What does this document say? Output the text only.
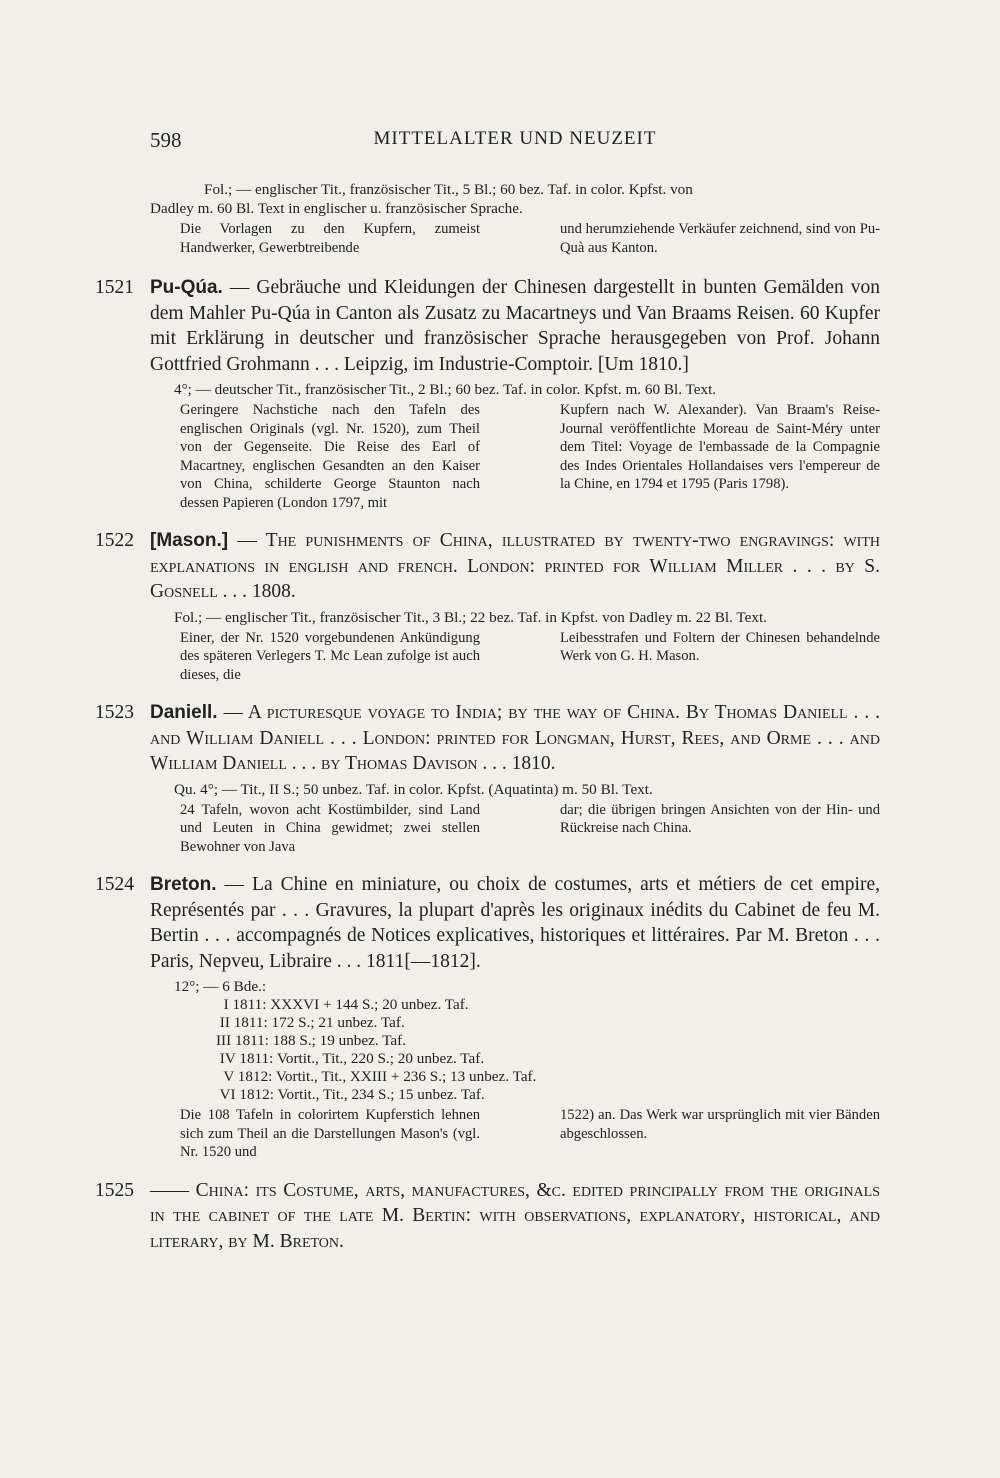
598	MITTELALTER UND NEUZEIT
Fol.; — englischer Tit., französischer Tit., 5 Bl.; 60 bez. Taf. in color. Kpfst. von
Dadley m. 60 Bl. Text in englischer u. französischer Sprache.
Die Vorlagen zu den Kupfern, zumeist Handwerker, Gewerbtreibende
und herumziehende Verkäufer zeichnend, sind von Pu-Quà aus Kanton.
1521 Pu-Qúa. — Gebräuche und Kleidungen der Chinesen dargestellt in bunten Gemälden von dem Mahler Pu-Qúa in Canton als Zusatz zu Macartneys und Van Braams Reisen. 60 Kupfer mit Erklärung in deutscher und französischer Sprache herausgegeben von Prof. Johann Gottfried Grohmann . . . Leipzig, im Industrie-Comptoir. [Um 1810.]
4°; — deutscher Tit., französischer Tit., 2 Bl.; 60 bez. Taf. in color. Kpfst. m. 60 Bl. Text.
Geringere Nachstiche nach den Tafeln des englischen Originals (vgl. Nr. 1520), zum Theil von der Gegenseite. Die Reise des Earl of Macartney, englischen Gesandten an den Kaiser von China, schilderte George Staunton nach dessen Papieren (London 1797, mit
Kupfern nach W. Alexander). Van Braam's Reise-Journal veröffentlichte Moreau de Saint-Méry unter dem Titel: Voyage de l'embassade de la Compagnie des Indes Orientales Hollandaises vers l'empereur de la Chine, en 1794 et 1795 (Paris 1798).
1522 [Mason.] — The punishments of China, illustrated by twenty-two engravings: with explanations in english and french. London: printed for William Miller . . . by S. Gosnell . . . 1808.
Fol.; — englischer Tit., französischer Tit., 3 Bl.; 22 bez. Taf. in Kpfst. von Dadley m. 22 Bl. Text.
Einer, der Nr. 1520 vorgebundenen Ankündigung des späteren Verlegers T. Mc Lean zufolge ist auch dieses, die
Leibesstrafen und Foltern der Chinesen behandelnde Werk von G. H. Mason.
1523 Daniell. — A picturesque voyage to India; by the way of China. By Thomas Daniell . . . and William Daniell . . . London: printed for Longman, Hurst, Rees, and Orme . . . and William Daniell . . . by Thomas Davison . . . 1810.
Qu. 4°; — Tit., II S.; 50 unbez. Taf. in color. Kpfst. (Aquatinta) m. 50 Bl. Text.
24 Tafeln, wovon acht Kostümbilder, sind Land und Leuten in China gewidmet; zwei stellen Bewohner von Java
dar; die übrigen bringen Ansichten von der Hin- und Rückreise nach China.
1524 Breton. — La Chine en miniature, ou choix de costumes, arts et métiers de cet empire, Représentés par . . . Gravures, la plupart d'après les originaux inédits du Cabinet de feu M. Bertin . . . accompagnés de Notices explicatives, historiques et littéraires. Par M. Breton . . . Paris, Nepveu, Libraire . . . 1811[—1812].
12°; — 6 Bde.:
I 1811: XXXVI + 144 S.; 20 unbez. Taf.
II 1811: 172 S.; 21 unbez. Taf.
III 1811: 188 S.; 19 unbez. Taf.
IV 1811: Vortit., Tit., 220 S.; 20 unbez. Taf.
V 1812: Vortit., Tit., XXIII + 236 S.; 13 unbez. Taf.
VI 1812: Vortit., Tit., 234 S.; 15 unbez. Taf.
Die 108 Tafeln in colorirtem Kupferstich lehnen sich zum Theil an die Darstellungen Mason's (vgl. Nr. 1520 und
1522) an. Das Werk war ursprünglich mit vier Bänden abgeschlossen.
1525 —— China: its Costume, arts, manufactures, &c. edited principally from the originals in the cabinet of the late M. Bertin: with observations, explanatory, historical, and literary, by M. Breton.
